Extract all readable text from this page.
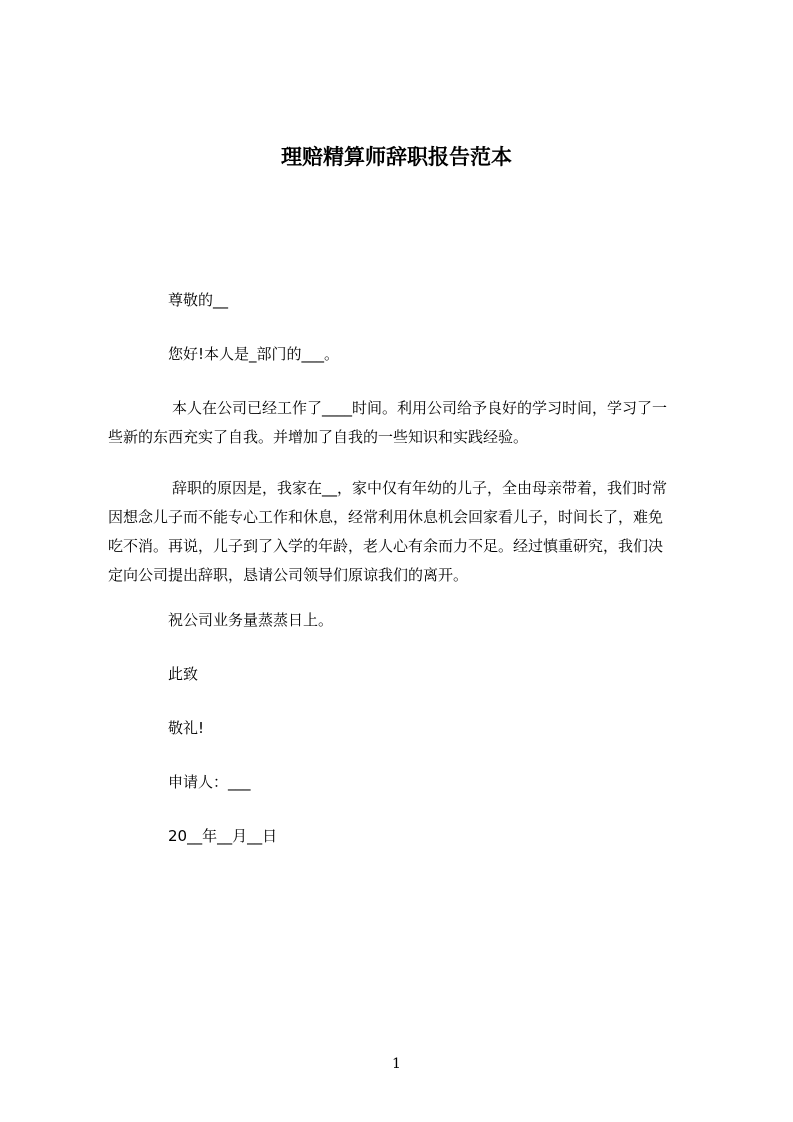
理赔精算师辞职报告范本

尊敬的__

您好!本人是_部门的___。

本人在公司已经工作了____时间。利用公司给予良好的学习时间，学习了一

些新的东西充实了自我。并增加了自我的一些知识和实践经验。

辞职的原因是，我家在__，家中仅有年幼的儿子，全由母亲带着，我们时常

因想念儿子而不能专心工作和休息，经常利用休息机会回家看儿子，时间长了，难免

吃不消。再说，儿子到了入学的年龄，老人心有余而力不足。经过慎重研究，我们决

定向公司提出辞职，恳请公司领导们原谅我们的离开。

祝公司业务量蒸蒸日上。

此致

敬礼!

申请人：___

20__年__月__日

1
